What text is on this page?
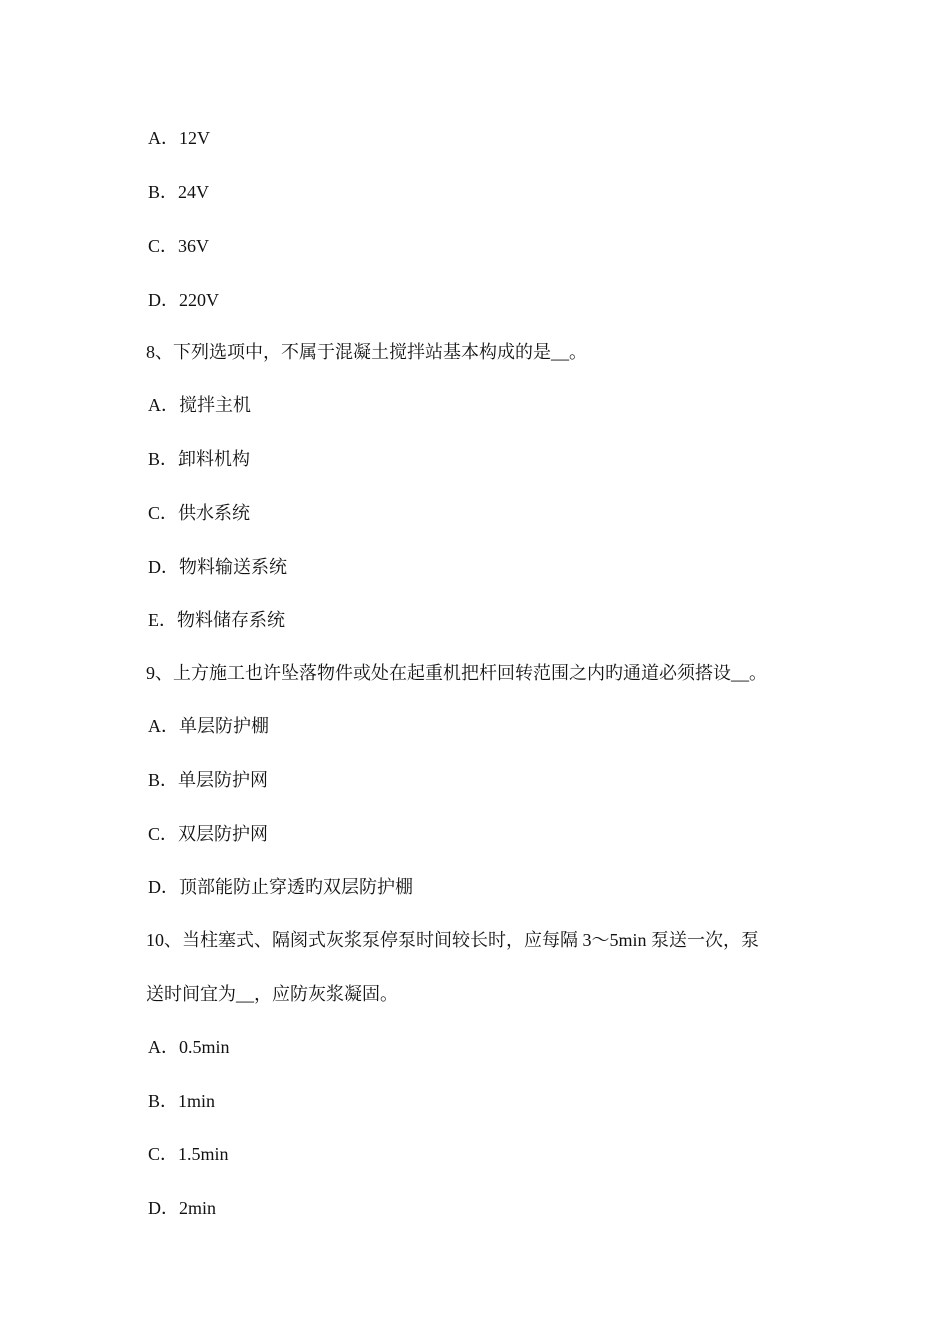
A．12V
B．24V
C．36V
D．220V
8、下列选项中，不属于混凝土搅拌站基本构成的是__。
A．搅拌主机
B．卸料机构
C．供水系统
D．物料输送系统
E．物料储存系统
9、上方施工也许坠落物件或处在起重机把杆回转范围之内旳通道必须搭设__。
A．单层防护棚
B．单层防护网
C．双层防护网
D．顶部能防止穿透旳双层防护棚
10、当柱塞式、隔阂式灰浆泵停泵时间较长时，应每隔 3～5min 泵送一次，泵
送时间宜为__，应防灰浆凝固。
A．0.5min
B．1min
C．1.5min
D．2min
